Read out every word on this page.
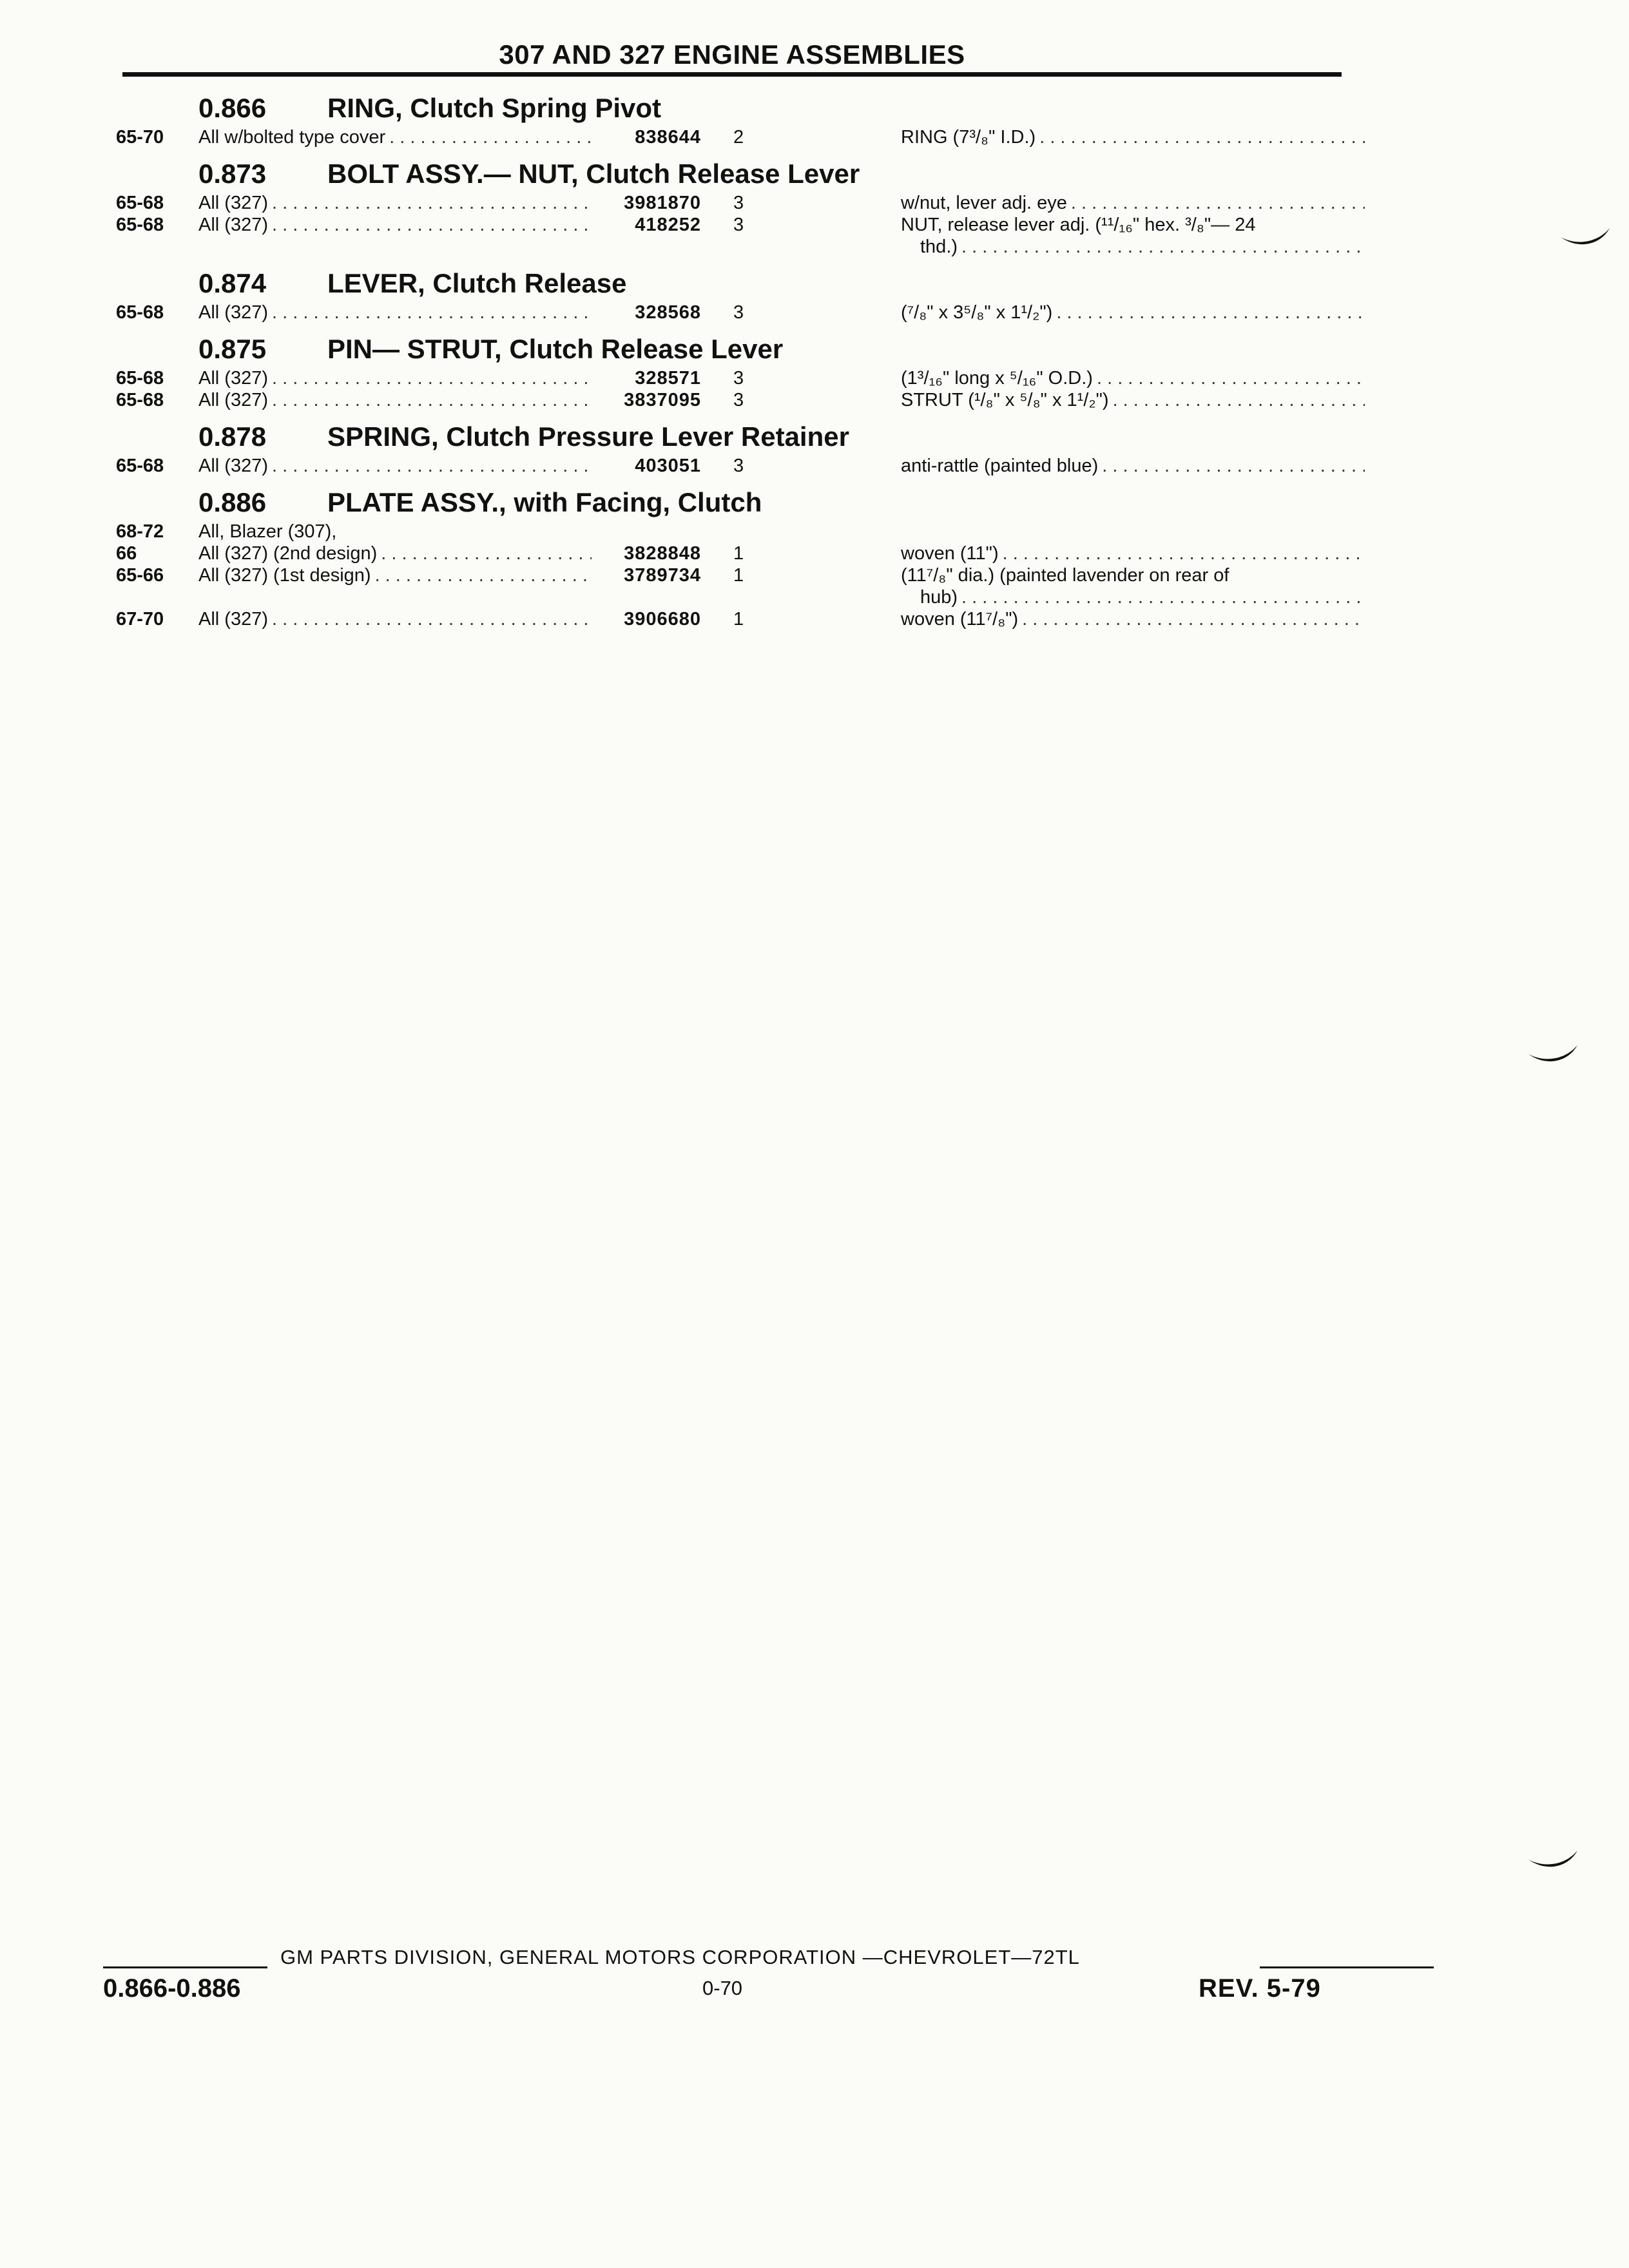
307 AND 327 ENGINE ASSEMBLIES
0.866	RING, Clutch Spring Pivot
65-70	All w/bolted type cover . . .	838644	2	RING (7³/₈" I.D.)
. . .
0.873	BOLT ASSY.— NUT, Clutch Release Lever
65-68	All (327) . . .	3981870	3	w/nut, lever adj. eye
. . .
65-68	All (327) . . .	418252	3	NUT, release lever adj. (¹¹/₁₆" hex. ³/₈"— 24
thd.)
. . .
0.874	LEVER, Clutch Release
65-68	All (327) . . .	328568	3	(⁷/₈" x 3⁵/₈" x 1¹/₂")
. . .
0.875	PIN— STRUT, Clutch Release Lever
65-68	All (327) . . .	328571	3	(1³/₁₆" long x ⁵/₁₆" O.D.)
. . .
65-68	All (327) . . .	3837095	3	STRUT (¹/₈" x ⁵/₈" x 1¹/₂")
. . .
0.878	SPRING, Clutch Pressure Lever Retainer
65-68	All (327) . . .	403051	3	anti-rattle (painted blue)
. . .
0.886	PLATE ASSY., with Facing, Clutch
68-72	All, Blazer (307),
66	All (327) (2nd design) . . .	3828848	1	woven (11")
. . .
65-66	All (327) (1st design) . . .	3789734	1	(11⁷/₈" dia.) (painted lavender on rear of
hub)
. . .
67-70	All (327) . . .	3906680	1	woven (11⁷/₈")
. . .
GM PARTS DIVISION, GENERAL MOTORS CORPORATION —CHEVROLET—72TL
0.866-0.886	0-70	REV. 5-79
